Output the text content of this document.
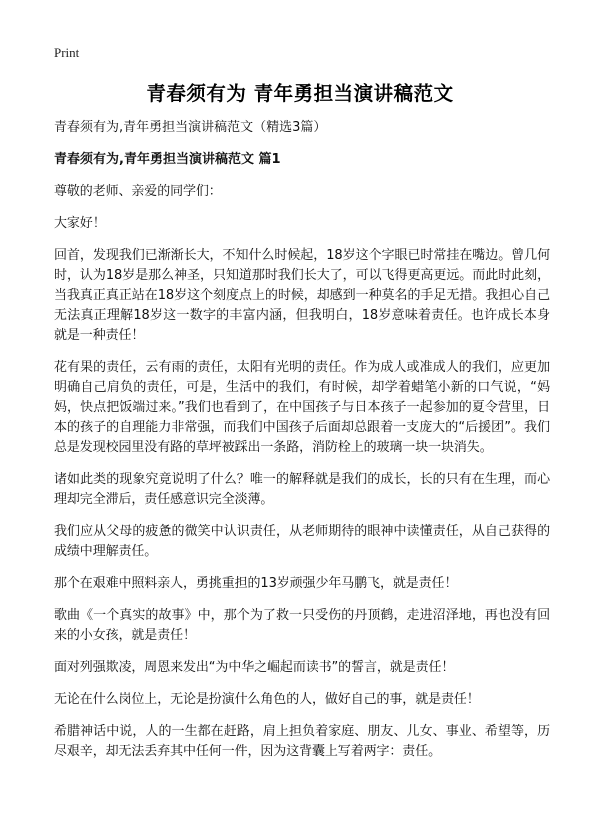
Print
青春须有为 青年勇担当演讲稿范文

青春须有为,青年勇担当演讲稿范文（精选3篇）

青春须有为,青年勇担当演讲稿范文 篇1

尊敬的老师、亲爱的同学们：

大家好！

回首，发现我们已渐渐长大，不知什么时候起，18岁这个字眼已时常挂在嘴边。曾几何时，认为18岁是那么神圣，只知道那时我们长大了，可以飞得更高更远。而此时此刻，当我真正真正站在18岁这个刻度点上的时候，却感到一种莫名的手足无措。我担心自己无法真正理解18岁这一数字的丰富内涵，但我明白，18岁意味着责任。也许成长本身就是一种责任！

花有果的责任，云有雨的责任，太阳有光明的责任。作为成人或准成人的我们，应更加明确自己肩负的责任，可是，生活中的我们，有时候，却学着蜡笔小新的口气说，“妈妈，快点把饭端过来。”我们也看到了，在中国孩子与日本孩子一起参加的夏令营里，日本的孩子的自理能力非常强，而我们中国孩子后面却总跟着一支庞大的“后援团”。我们总是发现校园里没有路的草坪被踩出一条路，消防栓上的玻璃一块一块消失。

诸如此类的现象究竟说明了什么？唯一的解释就是我们的成长，长的只有在生理，而心理却完全滞后，责任感意识完全淡薄。

我们应从父母的疲惫的微笑中认识责任，从老师期待的眼神中读懂责任，从自己获得的成绩中理解责任。

那个在艰难中照料亲人，勇挑重担的13岁顽强少年马鹏飞，就是责任！

歌曲《一个真实的故事》中，那个为了救一只受伤的丹顶鹤，走进沼泽地，再也没有回来的小女孩，就是责任！

面对列强欺凌，周恩来发出“为中华之崛起而读书”的誓言，就是责任！

无论在什么岗位上，无论是扮演什么角色的人，做好自己的事，就是责任！

希腊神话中说，人的一生都在赶路，肩上担负着家庭、朋友、儿女、事业、希望等，历尽艰辛，却无法丢弃其中任何一件，因为这背囊上写着两字：责任。
